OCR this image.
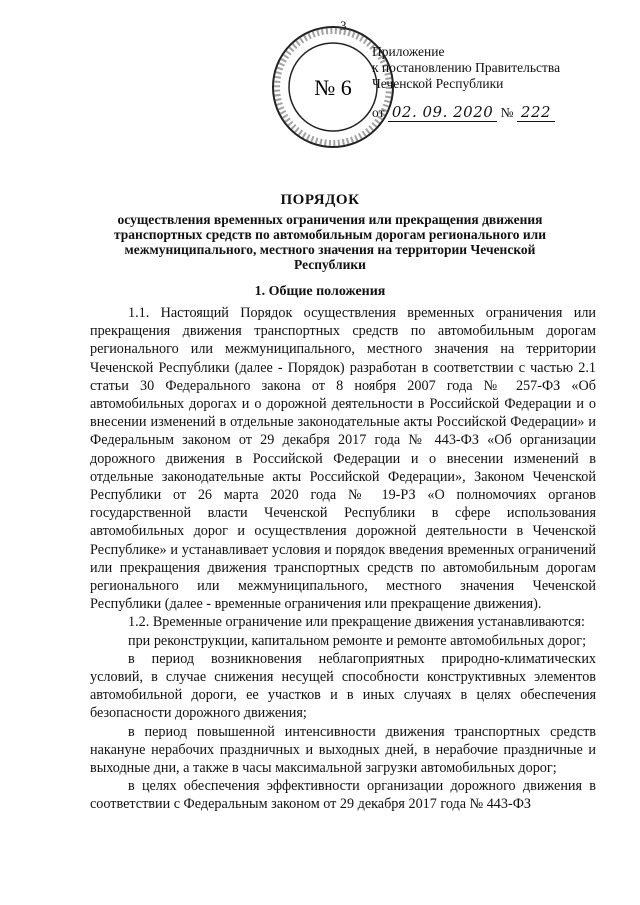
3
№ 6
Приложение
к постановлению Правительства
Чеченской Республики
от 02. 09. 2020 № 222
ПОРЯДОК
осуществления временных ограничения или прекращения движения транспортных средств по автомобильным дорогам регионального или межмуниципального, местного значения на территории Чеченской Республики
1. Общие положения

1.1. Настоящий Порядок осуществления временных ограничения или прекращения движения транспортных средств по автомобильным дорогам регионального или межмуниципального, местного значения на территории Чеченской Республики (далее - Порядок) разработан в соответствии с частью 2.1 статьи 30 Федерального закона от 8 ноября 2007 года № 257-ФЗ «Об автомобильных дорогах и о дорожной деятельности в Российской Федерации и о внесении изменений в отдельные законодательные акты Российской Федерации» и Федеральным законом от 29 декабря 2017 года № 443-ФЗ «Об организации дорожного движения в Российской Федерации и о внесении изменений в отдельные законодательные акты Российской Федерации», Законом Чеченской Республики от 26 марта 2020 года № 19-РЗ «О полномочиях органов государственной власти Чеченской Республики в сфере использования автомобильных дорог и осуществления дорожной деятельности в Чеченской Республике» и устанавливает условия и порядок введения временных ограничений или прекращения движения транспортных средств по автомобильным дорогам регионального или межмуниципального, местного значения Чеченской Республики (далее - временные ограничения или прекращение движения).

1.2. Временные ограничение или прекращение движения устанавливаются:

при реконструкции, капитальном ремонте и ремонте автомобильных дорог;

в период возникновения неблагоприятных природно-климатических условий, в случае снижения несущей способности конструктивных элементов автомобильной дороги, ее участков и в иных случаях в целях обеспечения безопасности дорожного движения;

в период повышенной интенсивности движения транспортных средств накануне нерабочих праздничных и выходных дней, в нерабочие праздничные и выходные дни, а также в часы максимальной загрузки автомобильных дорог;

в целях обеспечения эффективности организации дорожного движения в соответствии с Федеральным законом от 29 декабря 2017 года № 443-ФЗ
